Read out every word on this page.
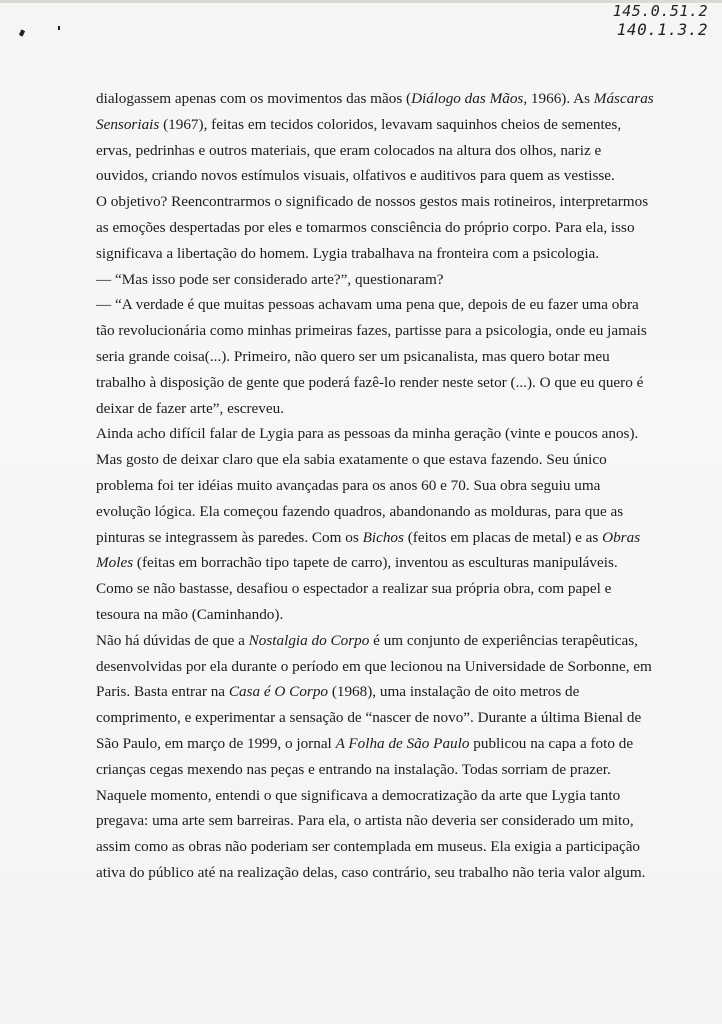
145.0.51.2
140.1.3.2
dialogassem apenas com os movimentos das mãos (Diálogo das Mãos, 1966). As Máscaras
Sensoriais (1967), feitas em tecidos coloridos, levavam saquinhos cheios de sementes,
ervas, pedrinhas e outros materiais, que eram colocados na altura dos olhos, nariz e
ouvidos, criando novos estímulos visuais, olfativos e auditivos para quem as vestisse.
O objetivo? Reencontrarmos o significado de nossos gestos mais rotineiros, interpretarmos
as emoções despertadas por eles e tomarmos consciência do próprio corpo. Para ela, isso
significava a libertação do homem. Lygia trabalhava na fronteira com a psicologia.
— “Mas isso pode ser considerado arte?”, questionaram?
— “A verdade é que muitas pessoas achavam uma pena que, depois de eu fazer uma obra
tão revolucionária como minhas primeiras fazes, partisse para a psicologia, onde eu jamais
seria grande coisa(...). Primeiro, não quero ser um psicanalista, mas quero botar meu
trabalho à disposição de gente que poderá fazê-lo render neste setor (...). O que eu quero é
deixar de fazer arte”, escreveu.
Ainda acho difícil falar de Lygia para as pessoas da minha geração (vinte e poucos anos).
Mas gosto de deixar claro que ela sabia exatamente o que estava fazendo. Seu único
problema foi ter idéias muito avançadas para os anos 60 e 70. Sua obra seguiu uma
evolução lógica. Ela começou fazendo quadros, abandonando as molduras, para que as
pinturas se integrassem às paredes. Com os Bichos (feitos em placas de metal) e as Obras
Moles (feitas em borrachão tipo tapete de carro), inventou as esculturas manipuláveis.
Como se não bastasse, desafiou o espectador a realizar sua própria obra, com papel e
tesoura na mão (Caminhando).
Não há dúvidas de que a Nostalgia do Corpo é um conjunto de experiências terapêuticas,
desenvolvidas por ela durante o período em que lecionou na Universidade de Sorbonne, em
Paris. Basta entrar na Casa é O Corpo (1968), uma instalação de oito metros de
comprimento, e experimentar a sensação de “nascer de novo”. Durante a última Bienal de
São Paulo, em março de 1999, o jornal A Folha de São Paulo publicou na capa a foto de
crianças cegas mexendo nas peças e entrando na instalação. Todas sorriam de prazer.
Naquele momento, entendi o que significava a democratização da arte que Lygia tanto
pregava: uma arte sem barreiras. Para ela, o artista não deveria ser considerado um mito,
assim como as obras não poderiam ser contemplada em museus. Ela exigia a participação
ativa do público até na realização delas, caso contrário, seu trabalho não teria valor algum.
